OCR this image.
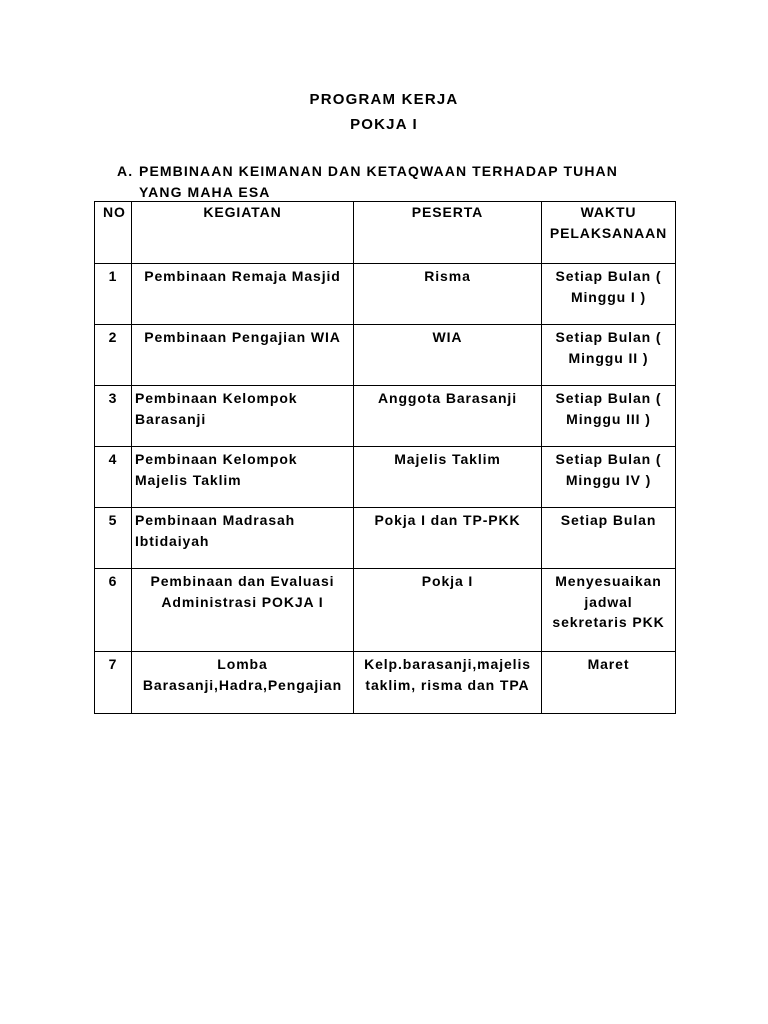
PROGRAM KERJA
POKJA I
A. PEMBINAAN KEIMANAN DAN KETAQWAAN TERHADAP TUHAN
YANG MAHA ESA
NO	KEGIATAN	PESERTA	WAKTU PELAKSANAAN
1	Pembinaan Remaja Masjid	Risma	Setiap Bulan ( Minggu I )
2	Pembinaan Pengajian WIA	WIA	Setiap Bulan ( Minggu II )
3	Pembinaan Kelompok Barasanji	Anggota Barasanji	Setiap Bulan ( Minggu III )
4	Pembinaan Kelompok Majelis Taklim	Majelis Taklim	Setiap Bulan ( Minggu IV )
5	Pembinaan Madrasah Ibtidaiyah	Pokja I dan TP-PKK	Setiap Bulan
6	Pembinaan dan Evaluasi Administrasi POKJA I	Pokja I	Menyesuaikan jadwal sekretaris PKK
7	Lomba Barasanji,Hadra,Pengajian	Kelp.barasanji,majelis taklim, risma dan TPA	Maret
